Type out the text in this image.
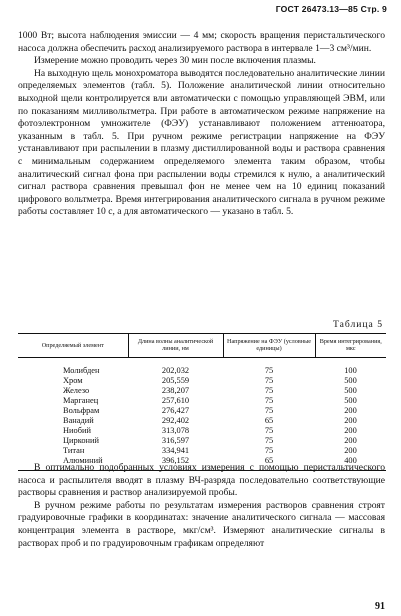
ГОСТ 26473.13—85 Стр. 9

1000 Вт; высота наблюдения эмиссии — 4 мм; скорость вращения перистальтического насоса должна обеспечить расход анализируемого раствора в интервале 1—3 см³/мин.

Измерение можно проводить через 30 мин после включения плазмы.

На выходную щель монохроматора выводятся последовательно аналитические линии определяемых элементов (табл. 5). Положение аналитической линии относительно выходной щели контролируется вли автоматически с помощью управляющей ЭВМ, или по показаниям милливольтметра. При работе в автоматическом режиме напряжение на фотоэлектронном умножителе (ФЭУ) устанавливают положением аттенюатора, указанным в табл. 5. При ручном режиме регистрации напряжение на ФЭУ устанавливают при распылении в плазму дистиллированной воды и раствора сравнения с минимальным содержанием определяемого элемента таким образом, чтобы аналитический сигнал фона при распылении воды стремился к нулю, а аналитический сигнал раствора сравнения превышал фон не менее чем на 10 единиц показаний цифрового вольтметра. Время интегрирования аналитического сигнала в ручном режиме работы составляет 10 с, а для автоматического — указано в табл. 5.

Таблица 5
Определяемый элемент	Длина волны аналитической линии, нм	Напряжение на ФЭУ (условные единицы)	Время интегрирования, мкс
Молибден	202,032	75	100
Хром	205,559	75	500
Железо	238,207	75	500
Марганец	257,610	75	500
Вольфрам	276,427	75	200
Ванадий	292,402	65	200
Ниобий	313,078	75	200
Цирконий	316,597	75	200
Титан	334,941	75	200
Алюминий	396,152	65	400

В оптимально подобранных условиях измерения с помощью перистальтического насоса и распылителя вводят в плазму ВЧ-разряда последовательно соответствующие растворы сравнения и раствор анализируемой пробы.

В ручном режиме работы по результатам измерения растворов сравнения строят градуировочные графики в координатах: значение аналитического сигнала — массовая концентрация элемента в растворе, мкг/см³. Измеряют аналитические сигналы в растворах проб и по градуировочным графикам определяют

91
